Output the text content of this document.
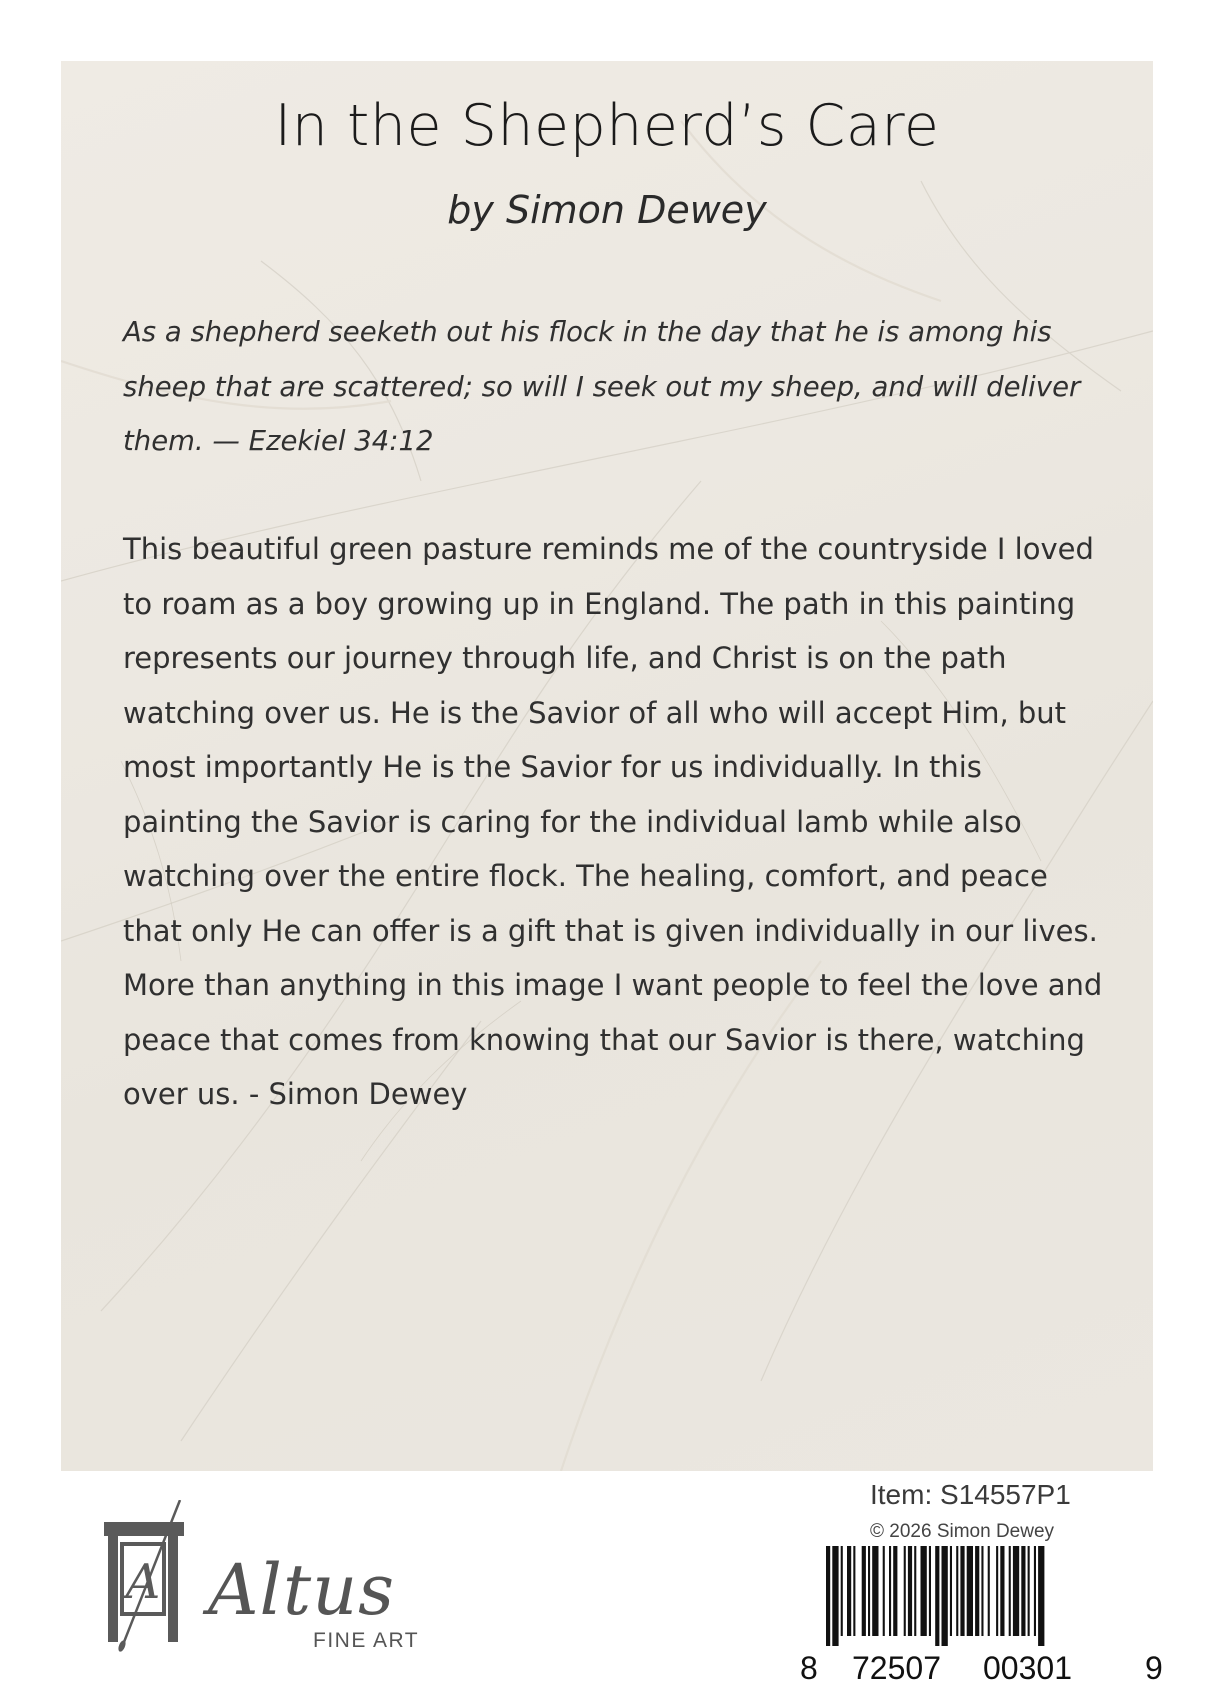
In the Shepherd’s Care
by Simon Dewey

As a shepherd seeketh out his flock in the day that he is among his sheep that are scattered; so will I seek out my sheep, and will deliver them. — Ezekiel 34:12

This beautiful green pasture reminds me of the countryside I loved to roam as a boy growing up in England. The path in this painting represents our journey through life, and Christ is on the path watching over us. He is the Savior of all who will accept Him, but most importantly He is the Savior for us individually. In this painting the Savior is caring for the individual lamb while also watching over the entire flock. The healing, comfort, and peace that only He can offer is a gift that is given individually in our lives. More than anything in this image I want people to feel the love and peace that comes from knowing that our Savior is there, watching over us. - Simon Dewey

A Altus
FINE ART
Item: S14557P1
© 2026 Simon Dewey
8 72507 00301 9
